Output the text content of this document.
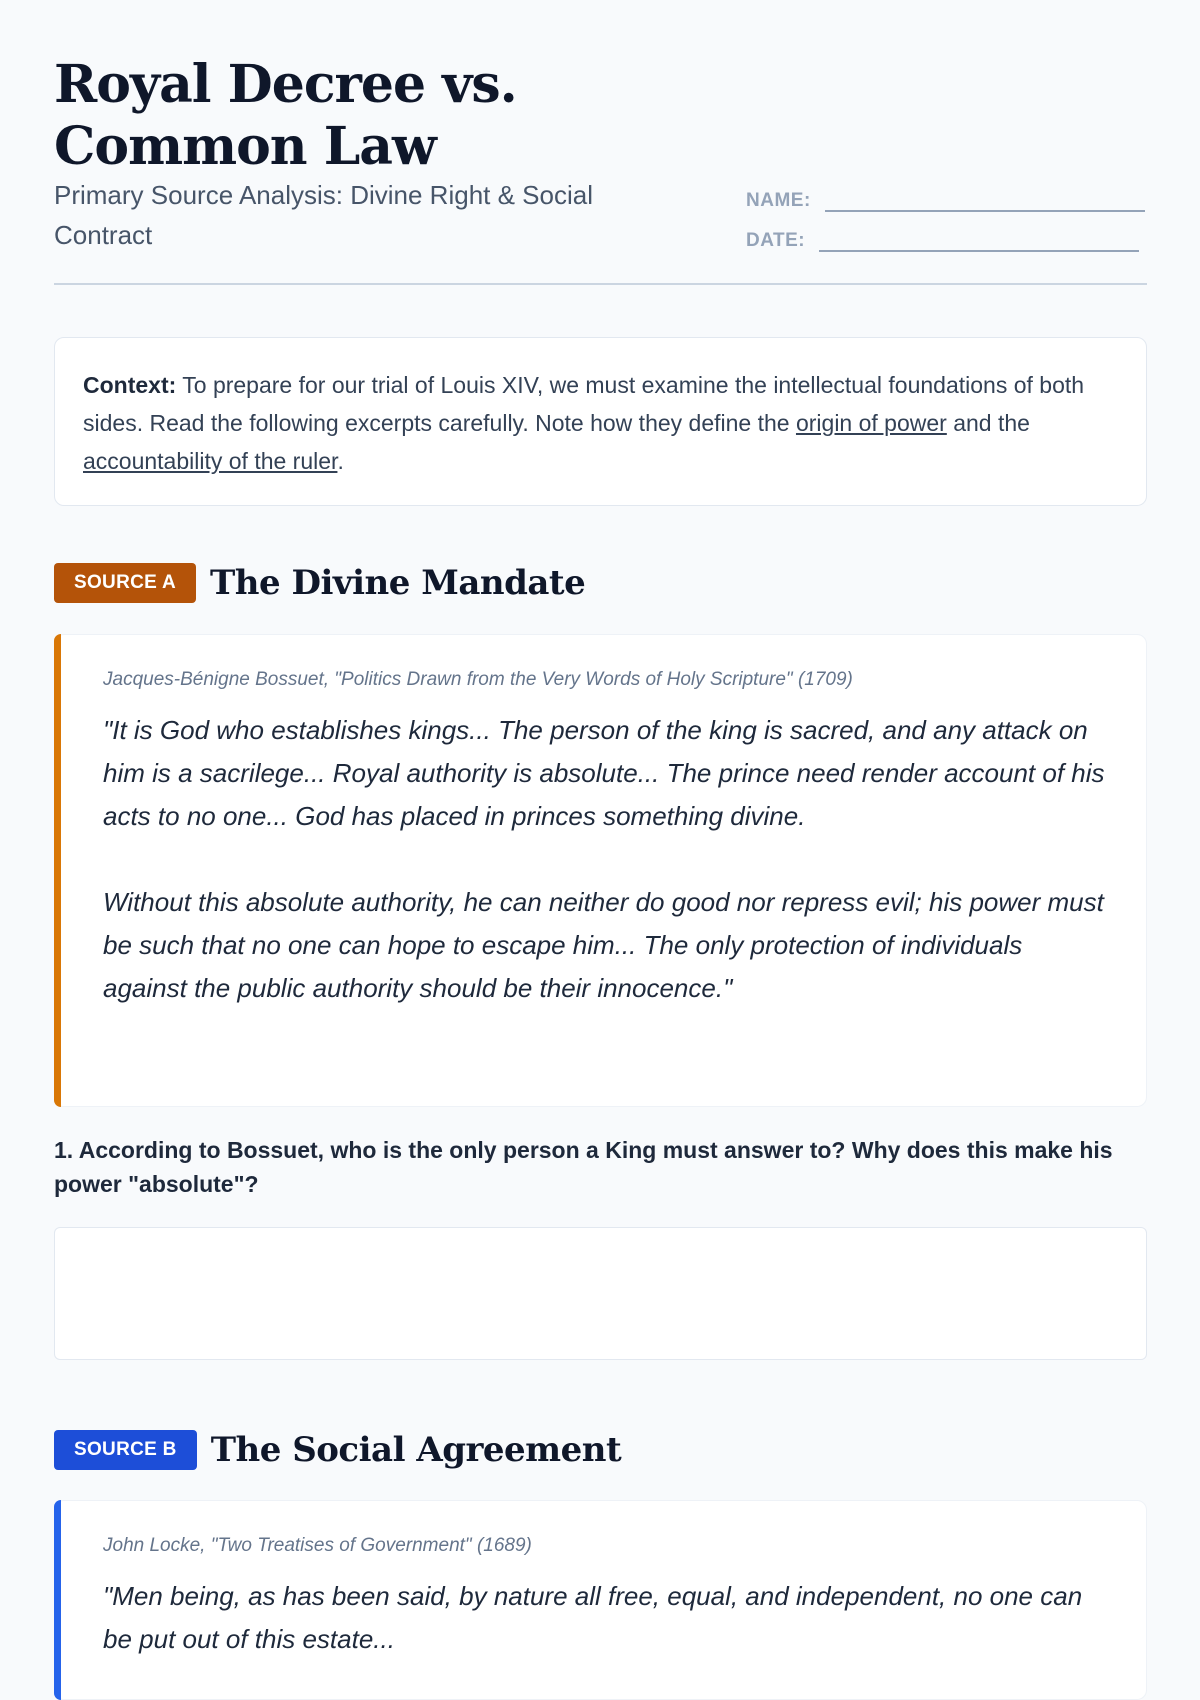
Royal Decree vs. Common Law
Primary Source Analysis: Divine Right & Social Contract
NAME:
DATE:
Context: To prepare for our trial of Louis XIV, we must examine the intellectual foundations of both sides. Read the following excerpts carefully. Note how they define the origin of power and the accountability of the ruler.
SOURCE A	The Divine Mandate
Jacques-Bénigne Bossuet, "Politics Drawn from the Very Words of Holy Scripture" (1709)

"It is God who establishes kings... The person of the king is sacred, and any attack on him is a sacrilege... Royal authority is absolute... The prince need render account of his acts to no one... God has placed in princes something divine.

Without this absolute authority, he can neither do good nor repress evil; his power must be such that no one can hope to escape him... The only protection of individuals against the public authority should be their innocence."

1. According to Bossuet, who is the only person a King must answer to? Why does this make his power "absolute"?
SOURCE B	The Social Agreement
John Locke, "Two Treatises of Government" (1689)

"Men being, as has been said, by nature all free, equal, and independent, no one can be put out of this estate...
